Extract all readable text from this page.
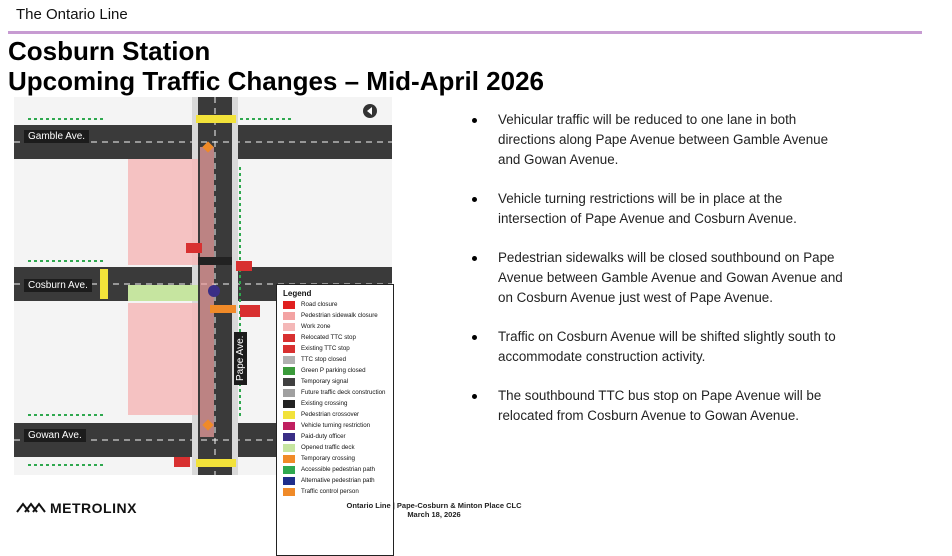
The Ontario Line
Cosburn Station
Upcoming Traffic Changes – Mid-April 2026
Gamble Ave.
Cosburn Ave.
Gowan Ave.
Pape Ave.
Legend
Road closure
Pedestrian sidewalk closure
Work zone
Relocated TTC stop
Existing TTC stop
TTC stop closed
Green P parking closed
Temporary signal
Future traffic deck construction
Existing crossing
Pedestrian crossover
Vehicle turning restriction
Paid-duty officer
Opened traffic deck
Temporary crossing
Accessible pedestrian path
Alternative pedestrian path
Traffic control person
Vehicular traffic will be reduced to one lane in both directions along Pape Avenue between Gamble Avenue and Gowan Avenue.
Vehicle turning restrictions will be in place at the intersection of Pape Avenue and Cosburn Avenue.
Pedestrian sidewalks will be closed southbound on Pape Avenue between Gamble Avenue and Gowan Avenue and on Cosburn Avenue just west of Pape Avenue.
Traffic on Cosburn Avenue will be shifted slightly south to accommodate construction activity.
The southbound TTC bus stop on Pape Avenue will be relocated from Cosburn Avenue to Gowan Avenue.
METROLINX	Ontario Line | Pape-Cosburn & Minton Place CLC
March 18, 2026
